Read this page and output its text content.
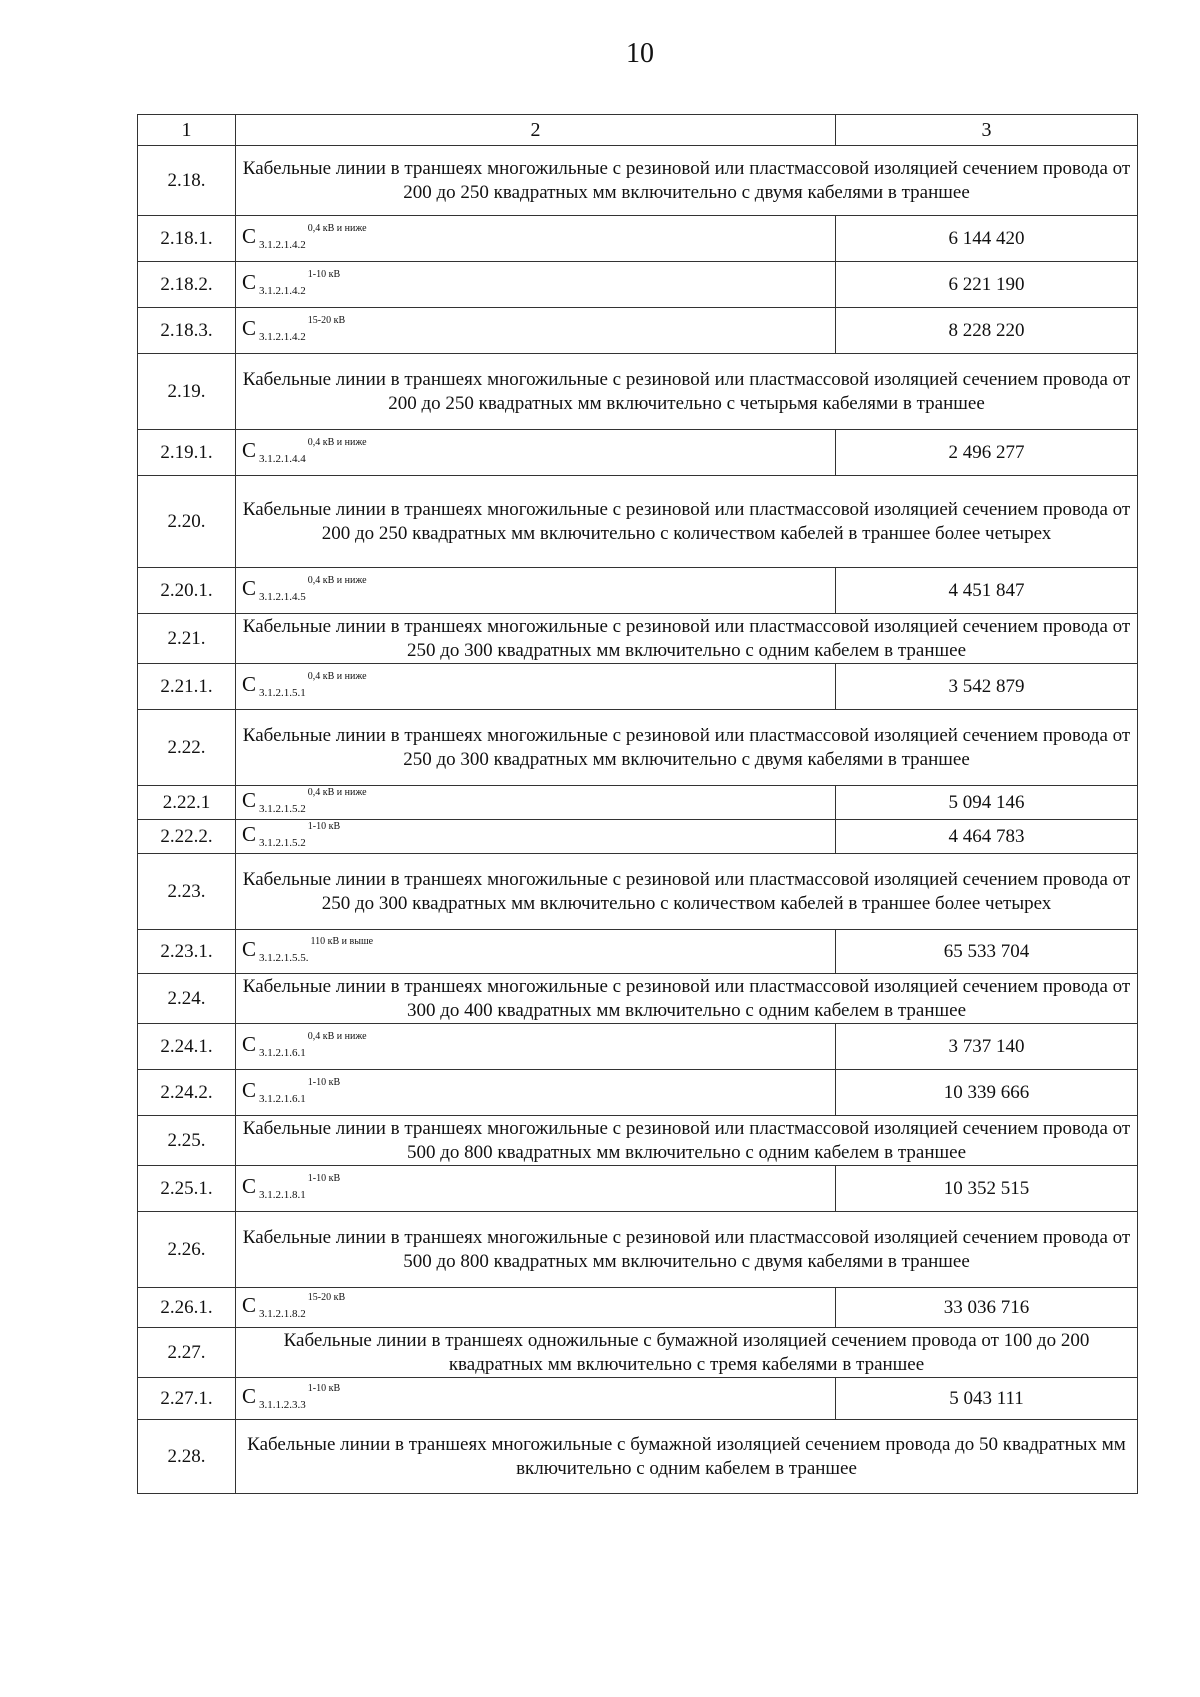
10
1	2	3
2.18.	Кабельные линии в траншеях многожильные с резиновой или пластмассовой изоляцией сечением провода от 200 до 250 квадратных мм включительно с двумя кабелями в траншее	
2.18.1.	С $_{3.1.2.1.4.2}^{0,4 кВ и ниже}$	6 144 420
2.18.2.	С $_{3.1.2.1.4.2}^{1-10 кВ}$	6 221 190
2.18.3.	С $_{3.1.2.1.4.2}^{15-20 кВ}$	8 228 220
2.19.	Кабельные линии в траншеях многожильные с резиновой или пластмассовой изоляцией сечением провода от 200 до 250 квадратных мм включительно с четырьмя кабелями в траншее	
2.19.1.	С $_{3.1.2.1.4.4}^{0,4 кВ и ниже}$	2 496 277
2.20.	Кабельные линии в траншеях многожильные с резиновой или пластмассовой изоляцией сечением провода от 200 до 250 квадратных мм включительно с количеством кабелей в траншее более четырех	
2.20.1.	С $_{3.1.2.1.4.5}^{0,4 кВ и ниже}$	4 451 847
2.21.	Кабельные линии в траншеях многожильные с резиновой или пластмассовой изоляцией сечением провода от 250 до 300 квадратных мм включительно с одним кабелем в траншее	
2.21.1.	С $_{3.1.2.1.5.1}^{0,4 кВ и ниже}$	3 542 879
2.22.	Кабельные линии в траншеях многожильные с резиновой или пластмассовой изоляцией сечением провода от 250 до 300 квадратных мм включительно с двумя кабелями в траншее	
2.22.1	С $_{3.1.2.1.5.2}^{0,4 кВ и ниже}$	5 094 146
2.22.2.	С $_{3.1.2.1.5.2}^{1-10 кВ}$	4 464 783
2.23.	Кабельные линии в траншеях многожильные с резиновой или пластмассовой изоляцией сечением провода от 250 до 300 квадратных мм включительно с количеством кабелей в траншее более четырех	
2.23.1.	С $_{3.1.2.1.5.5.}^{110 кВ и выше}$	65 533 704
2.24.	Кабельные линии в траншеях многожильные с резиновой или пластмассовой изоляцией сечением провода от 300 до 400 квадратных мм включительно с одним кабелем в траншее	
2.24.1.	С $_{3.1.2.1.6.1}^{0,4 кВ и ниже}$	3 737 140
2.24.2.	С $_{3.1.2.1.6.1}^{1-10 кВ}$	10 339 666
2.25.	Кабельные линии в траншеях многожильные с резиновой или пластмассовой изоляцией сечением провода от 500 до 800 квадратных мм включительно с одним кабелем в траншее	
2.25.1.	С $_{3.1.2.1.8.1}^{1-10 кВ}$	10 352 515
2.26.	Кабельные линии в траншеях многожильные с резиновой или пластмассовой изоляцией сечением провода от 500 до 800 квадратных мм включительно с двумя кабелями в траншее	
2.26.1.	С $_{3.1.2.1.8.2}^{15-20 кВ}$	33 036 716
2.27.	Кабельные линии в траншеях одножильные с бумажной изоляцией сечением провода от 100 до 200 квадратных мм включительно с тремя кабелями в траншее	
2.27.1.	С $_{3.1.1.2.3.3}^{1-10 кВ}$	5 043 111
2.28.	Кабельные линии в траншеях многожильные с бумажной изоляцией сечением провода до 50 квадратных мм включительно с одним кабелем в траншее	
